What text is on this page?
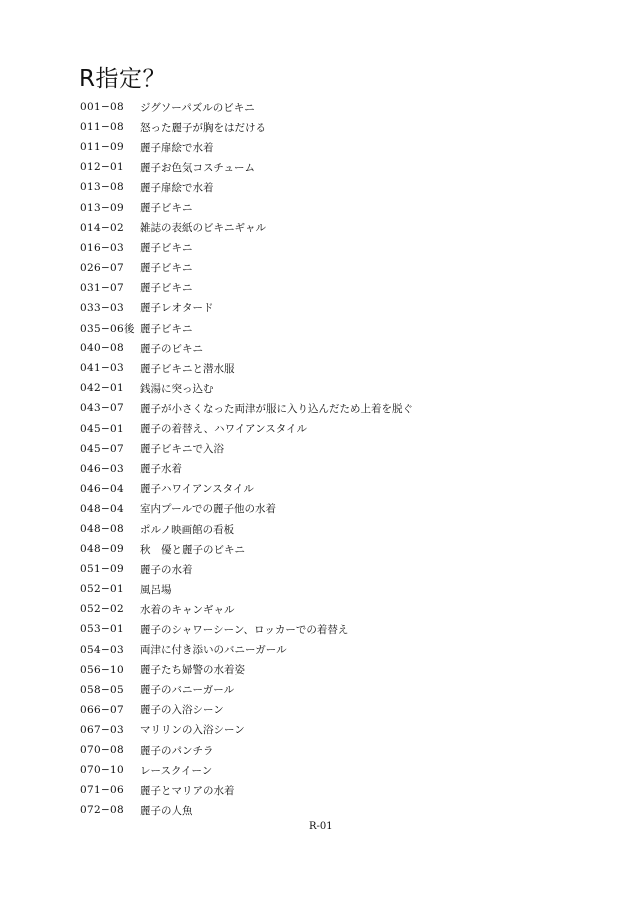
R指定？
001−08	ジグソーパズルのビキニ
011−08	怒った麗子が胸をはだける
011−09	麗子扉絵で水着
012−01	麗子お色気コスチューム
013−08	麗子扉絵で水着
013−09	麗子ビキニ
014−02	雑誌の表紙のビキニギャル
016−03	麗子ビキニ
026−07	麗子ビキニ
031−07	麗子ビキニ
033−03	麗子レオタード
035−06後 麗子ビキニ
040−08	麗子のビキニ
041−03	麗子ビキニと潜水服
042−01	銭湯に突っ込む
043−07	麗子が小さくなった両津が服に入り込んだため上着を脱ぐ
045−01	麗子の着替え、ハワイアンスタイル
045−07	麗子ビキニで入浴
046−03	麗子水着
046−04	麗子ハワイアンスタイル
048−04	室内プールでの麗子他の水着
048−08	ポルノ映画館の看板
048−09	秋　優と麗子のビキニ
051−09	麗子の水着
052−01	風呂場
052−02	水着のキャンギャル
053−01	麗子のシャワーシーン、ロッカーでの着替え
054−03	両津に付き添いのバニーガール
056−10	麗子たち婦警の水着姿
058−05	麗子のバニーガール
066−07	麗子の入浴シーン
067−03	マリリンの入浴シーン
070−08	麗子のパンチラ
070−10	レースクイーン
071−06	麗子とマリアの水着
072−08	麗子の人魚
R-01
